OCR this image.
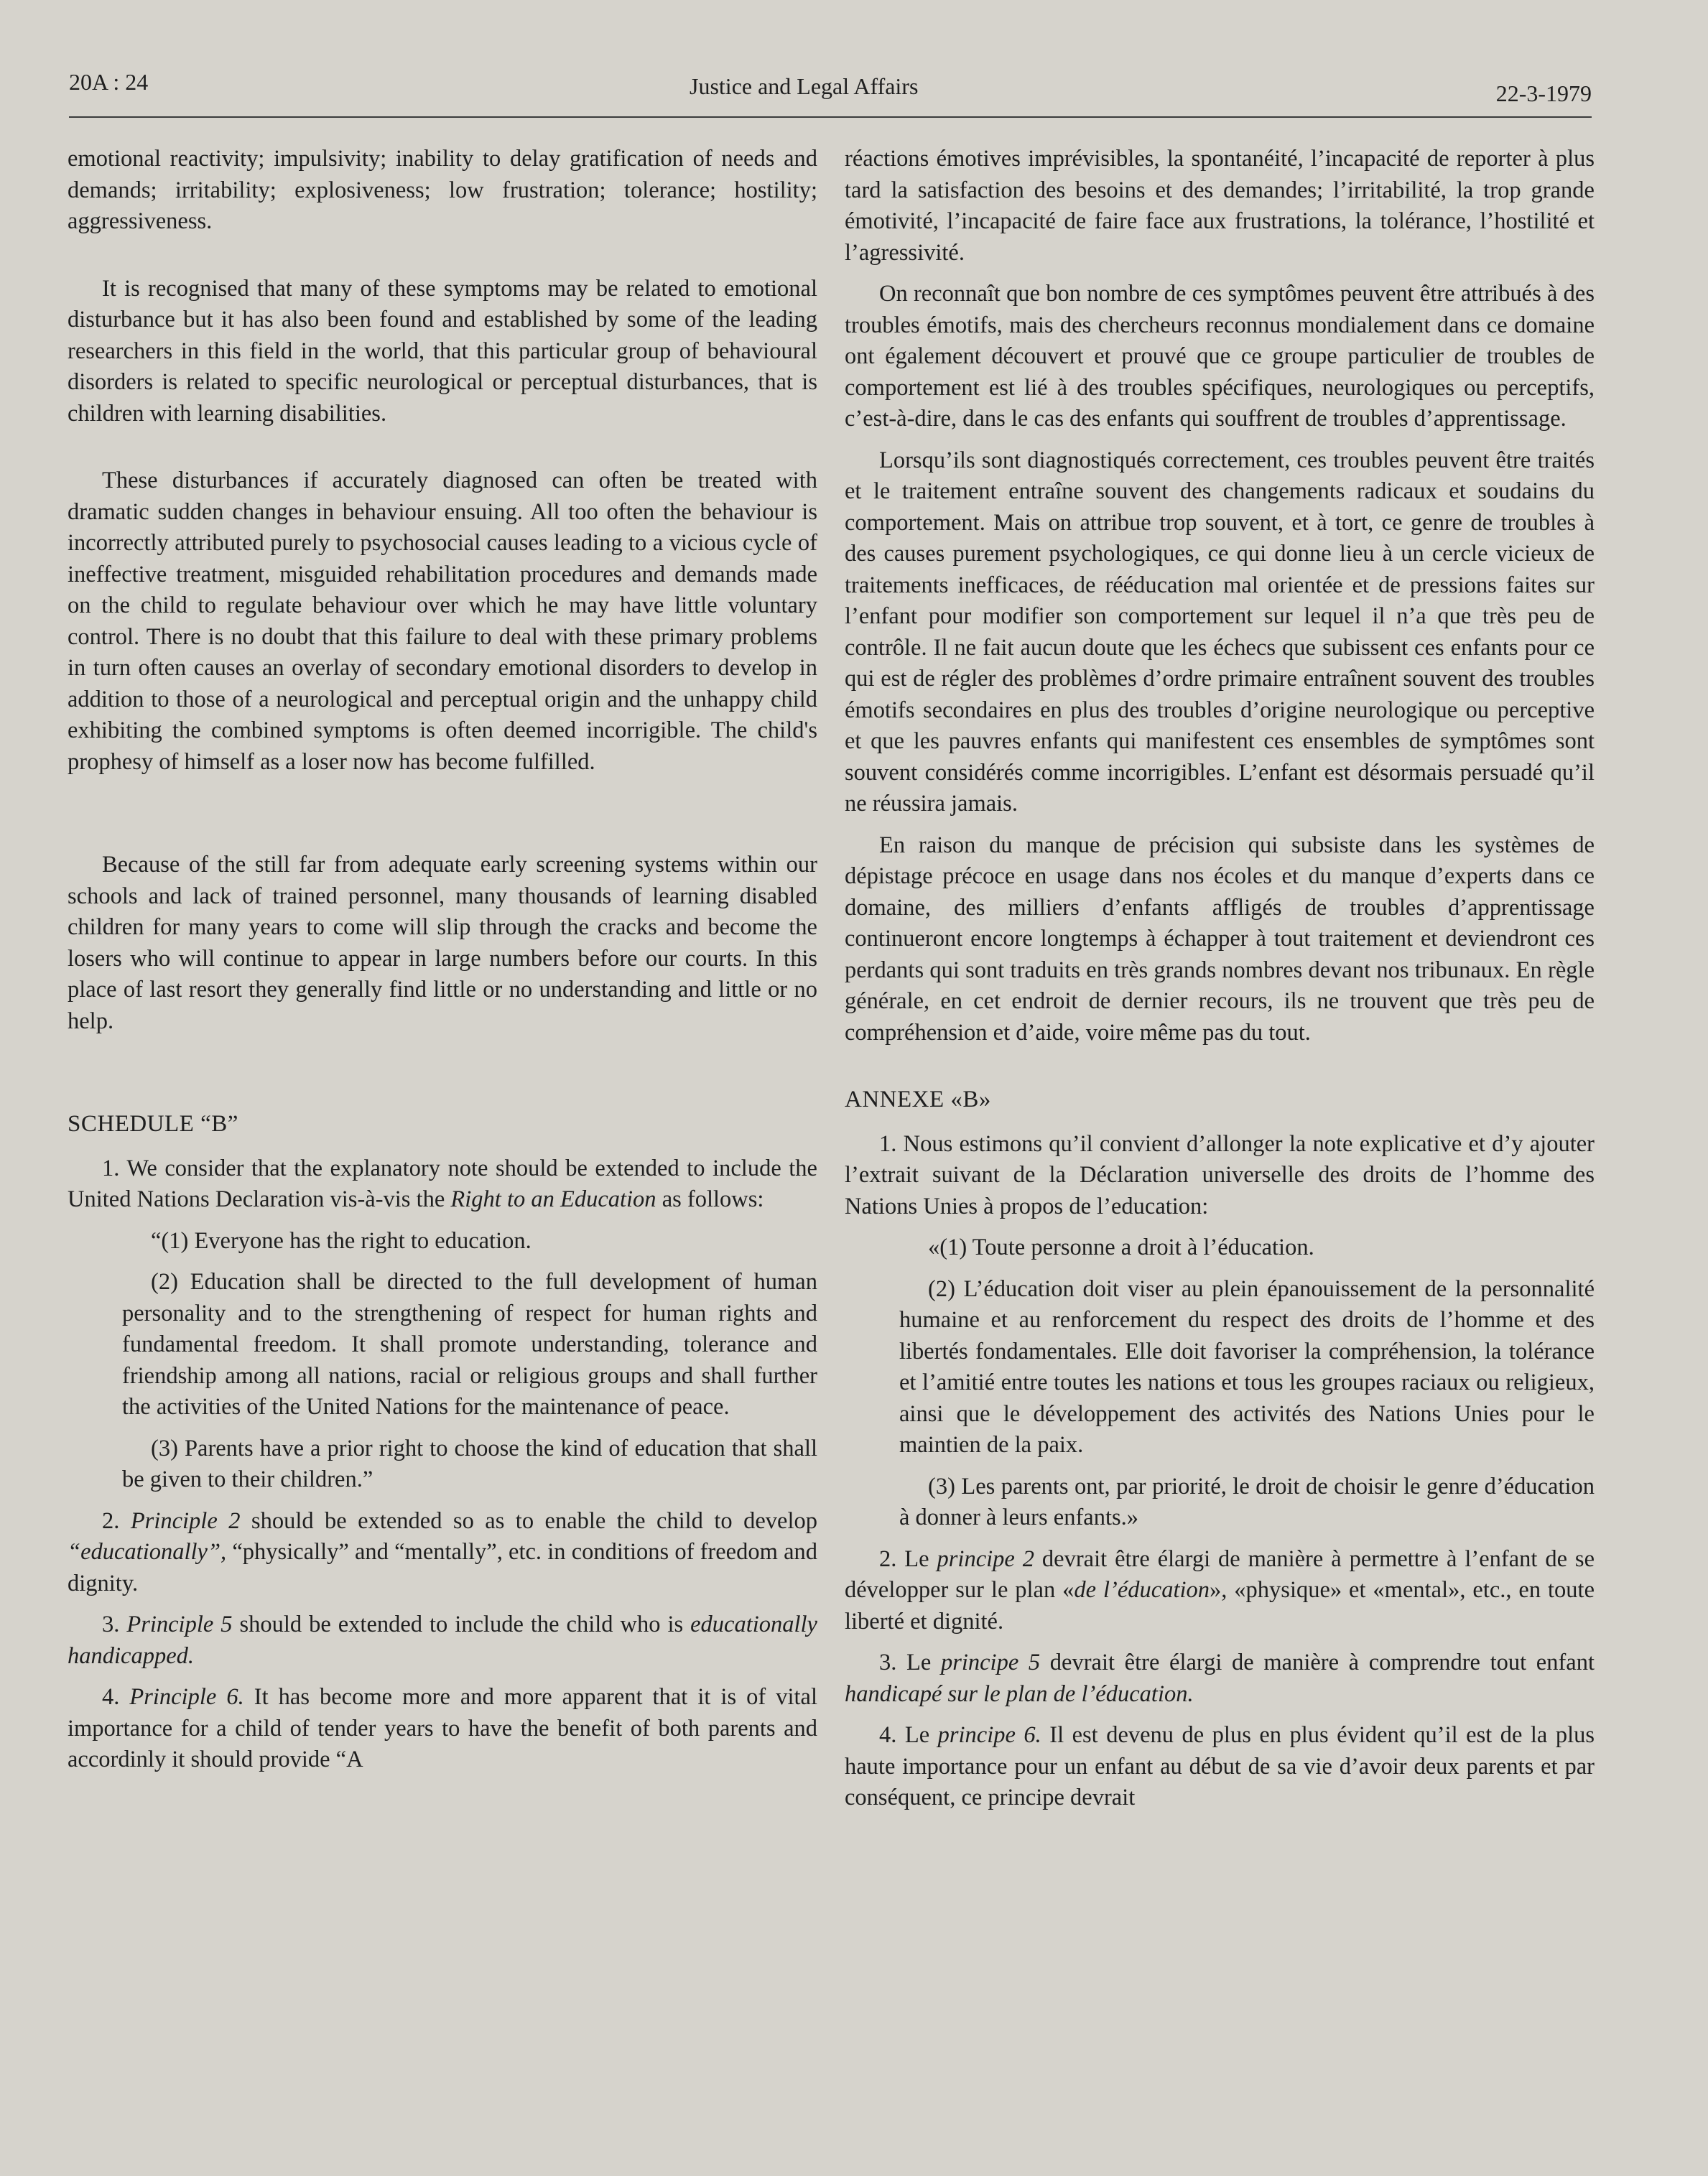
20A : 24	Justice and Legal Affairs	22-3-1979

emotional reactivity; impulsivity; inability to delay gratification of needs and demands; irritability; explosiveness; low frustration; tolerance; hostility; aggressiveness.

It is recognised that many of these symptoms may be related to emotional disturbance but it has also been found and established by some of the leading researchers in this field in the world, that this particular group of behavioural disorders is related to specific neurological or perceptual disturbances, that is children with learning disabilities.

These disturbances if accurately diagnosed can often be treated with dramatic sudden changes in behaviour ensuing. All too often the behaviour is incorrectly attributed purely to psychosocial causes leading to a vicious cycle of ineffective treatment, misguided rehabilitation procedures and demands made on the child to regulate behaviour over which he may have little voluntary control. There is no doubt that this failure to deal with these primary problems in turn often causes an overlay of secondary emotional disorders to develop in addition to those of a neurological and perceptual origin and the unhappy child exhibiting the combined symptoms is often deemed incorrigible. The child's prophesy of himself as a loser now has become fulfilled.

Because of the still far from adequate early screening systems within our schools and lack of trained personnel, many thousands of learning disabled children for many years to come will slip through the cracks and become the losers who will continue to appear in large numbers before our courts. In this place of last resort they generally find little or no understanding and little or no help.

SCHEDULE “B”

1. We consider that the explanatory note should be extended to include the United Nations Declaration vis-à-vis the Right to an Education as follows:

“(1) Everyone has the right to education.

(2) Education shall be directed to the full development of human personality and to the strengthening of respect for human rights and fundamental freedom. It shall promote understanding, tolerance and friendship among all nations, racial or religious groups and shall further the activities of the United Nations for the maintenance of peace.

(3) Parents have a prior right to choose the kind of education that shall be given to their children.”

2. Principle 2 should be extended so as to enable the child to develop “educationally”, “physically” and “mentally”, etc. in conditions of freedom and dignity.

3. Principle 5 should be extended to include the child who is educationally handicapped.

4. Principle 6. It has become more and more apparent that it is of vital importance for a child of tender years to have the benefit of both parents and accordinly it should provide “A

réactions émotives imprévisibles, la spontanéité, l’incapacité de reporter à plus tard la satisfaction des besoins et des demandes; l’irritabilité, la trop grande émotivité, l’incapacité de faire face aux frustrations, la tolérance, l’hostilité et l’agressivité.

On reconnaît que bon nombre de ces symptômes peuvent être attribués à des troubles émotifs, mais des chercheurs reconnus mondialement dans ce domaine ont également découvert et prouvé que ce groupe particulier de troubles de comportement est lié à des troubles spécifiques, neurologiques ou perceptifs, c’est-à-dire, dans le cas des enfants qui souffrent de troubles d’apprentissage.

Lorsqu’ils sont diagnostiqués correctement, ces troubles peuvent être traités et le traitement entraîne souvent des changements radicaux et soudains du comportement. Mais on attribue trop souvent, et à tort, ce genre de troubles à des causes purement psychologiques, ce qui donne lieu à un cercle vicieux de traitements inefficaces, de rééducation mal orientée et de pressions faites sur l’enfant pour modifier son comportement sur lequel il n’a que très peu de contrôle. Il ne fait aucun doute que les échecs que subissent ces enfants pour ce qui est de régler des problèmes d’ordre primaire entraînent souvent des troubles émotifs secondaires en plus des troubles d’origine neurologique ou perceptive et que les pauvres enfants qui manifestent ces ensembles de symptômes sont souvent considérés comme incorrigibles. L’enfant est désormais persuadé qu’il ne réussira jamais.

En raison du manque de précision qui subsiste dans les systèmes de dépistage précoce en usage dans nos écoles et du manque d’experts dans ce domaine, des milliers d’enfants affligés de troubles d’apprentissage continueront encore longtemps à échapper à tout traitement et deviendront ces perdants qui sont traduits en très grands nombres devant nos tribunaux. En règle générale, en cet endroit de dernier recours, ils ne trouvent que très peu de compréhension et d’aide, voire même pas du tout.

ANNEXE «B»

1. Nous estimons qu’il convient d’allonger la note explicative et d’y ajouter l’extrait suivant de la Déclaration universelle des droits de l’homme des Nations Unies à propos de l’education:

«(1) Toute personne a droit à l’éducation.

(2) L’éducation doit viser au plein épanouissement de la personnalité humaine et au renforcement du respect des droits de l’homme et des libertés fondamentales. Elle doit favoriser la compréhension, la tolérance et l’amitié entre toutes les nations et tous les groupes raciaux ou religieux, ainsi que le développement des activités des Nations Unies pour le maintien de la paix.

(3) Les parents ont, par priorité, le droit de choisir le genre d’éducation à donner à leurs enfants.»

2. Le principe 2 devrait être élargi de manière à permettre à l’enfant de se développer sur le plan «de l’éducation», «physique» et «mental», etc., en toute liberté et dignité.

3. Le principe 5 devrait être élargi de manière à comprendre tout enfant handicapé sur le plan de l’éducation.

4. Le principe 6. Il est devenu de plus en plus évident qu’il est de la plus haute importance pour un enfant au début de sa vie d’avoir deux parents et par conséquent, ce principe devrait
